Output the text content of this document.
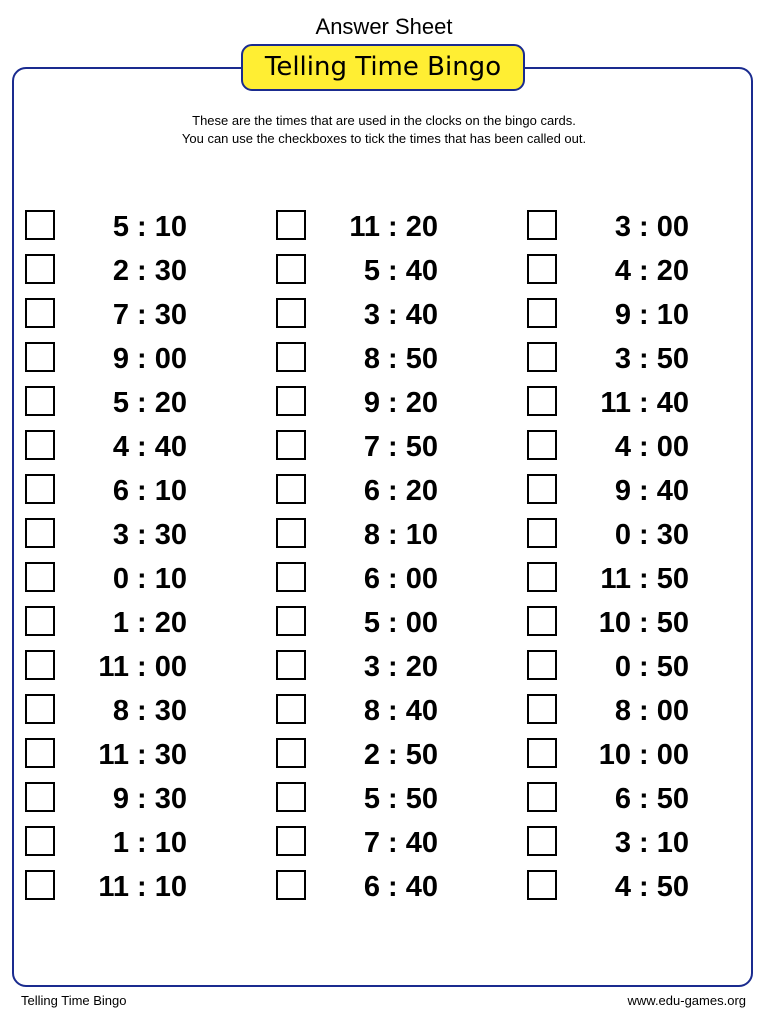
Answer Sheet
Telling Time Bingo
These are the times that are used in the clocks on the bingo cards.
You can use the checkboxes to tick the times that has been called out.
5 : 10
2 : 30
7 : 30
9 : 00
5 : 20
4 : 40
6 : 10
3 : 30
0 : 10
1 : 20
11 : 00
8 : 30
11 : 30
9 : 30
1 : 10
11 : 10
11 : 20
5 : 40
3 : 40
8 : 50
9 : 20
7 : 50
6 : 20
8 : 10
6 : 00
5 : 00
3 : 20
8 : 40
2 : 50
5 : 50
7 : 40
6 : 40
3 : 00
4 : 20
9 : 10
3 : 50
11 : 40
4 : 00
9 : 40
0 : 30
11 : 50
10 : 50
0 : 50
8 : 00
10 : 00
6 : 50
3 : 10
4 : 50
Telling Time Bingo	www.edu-games.org
